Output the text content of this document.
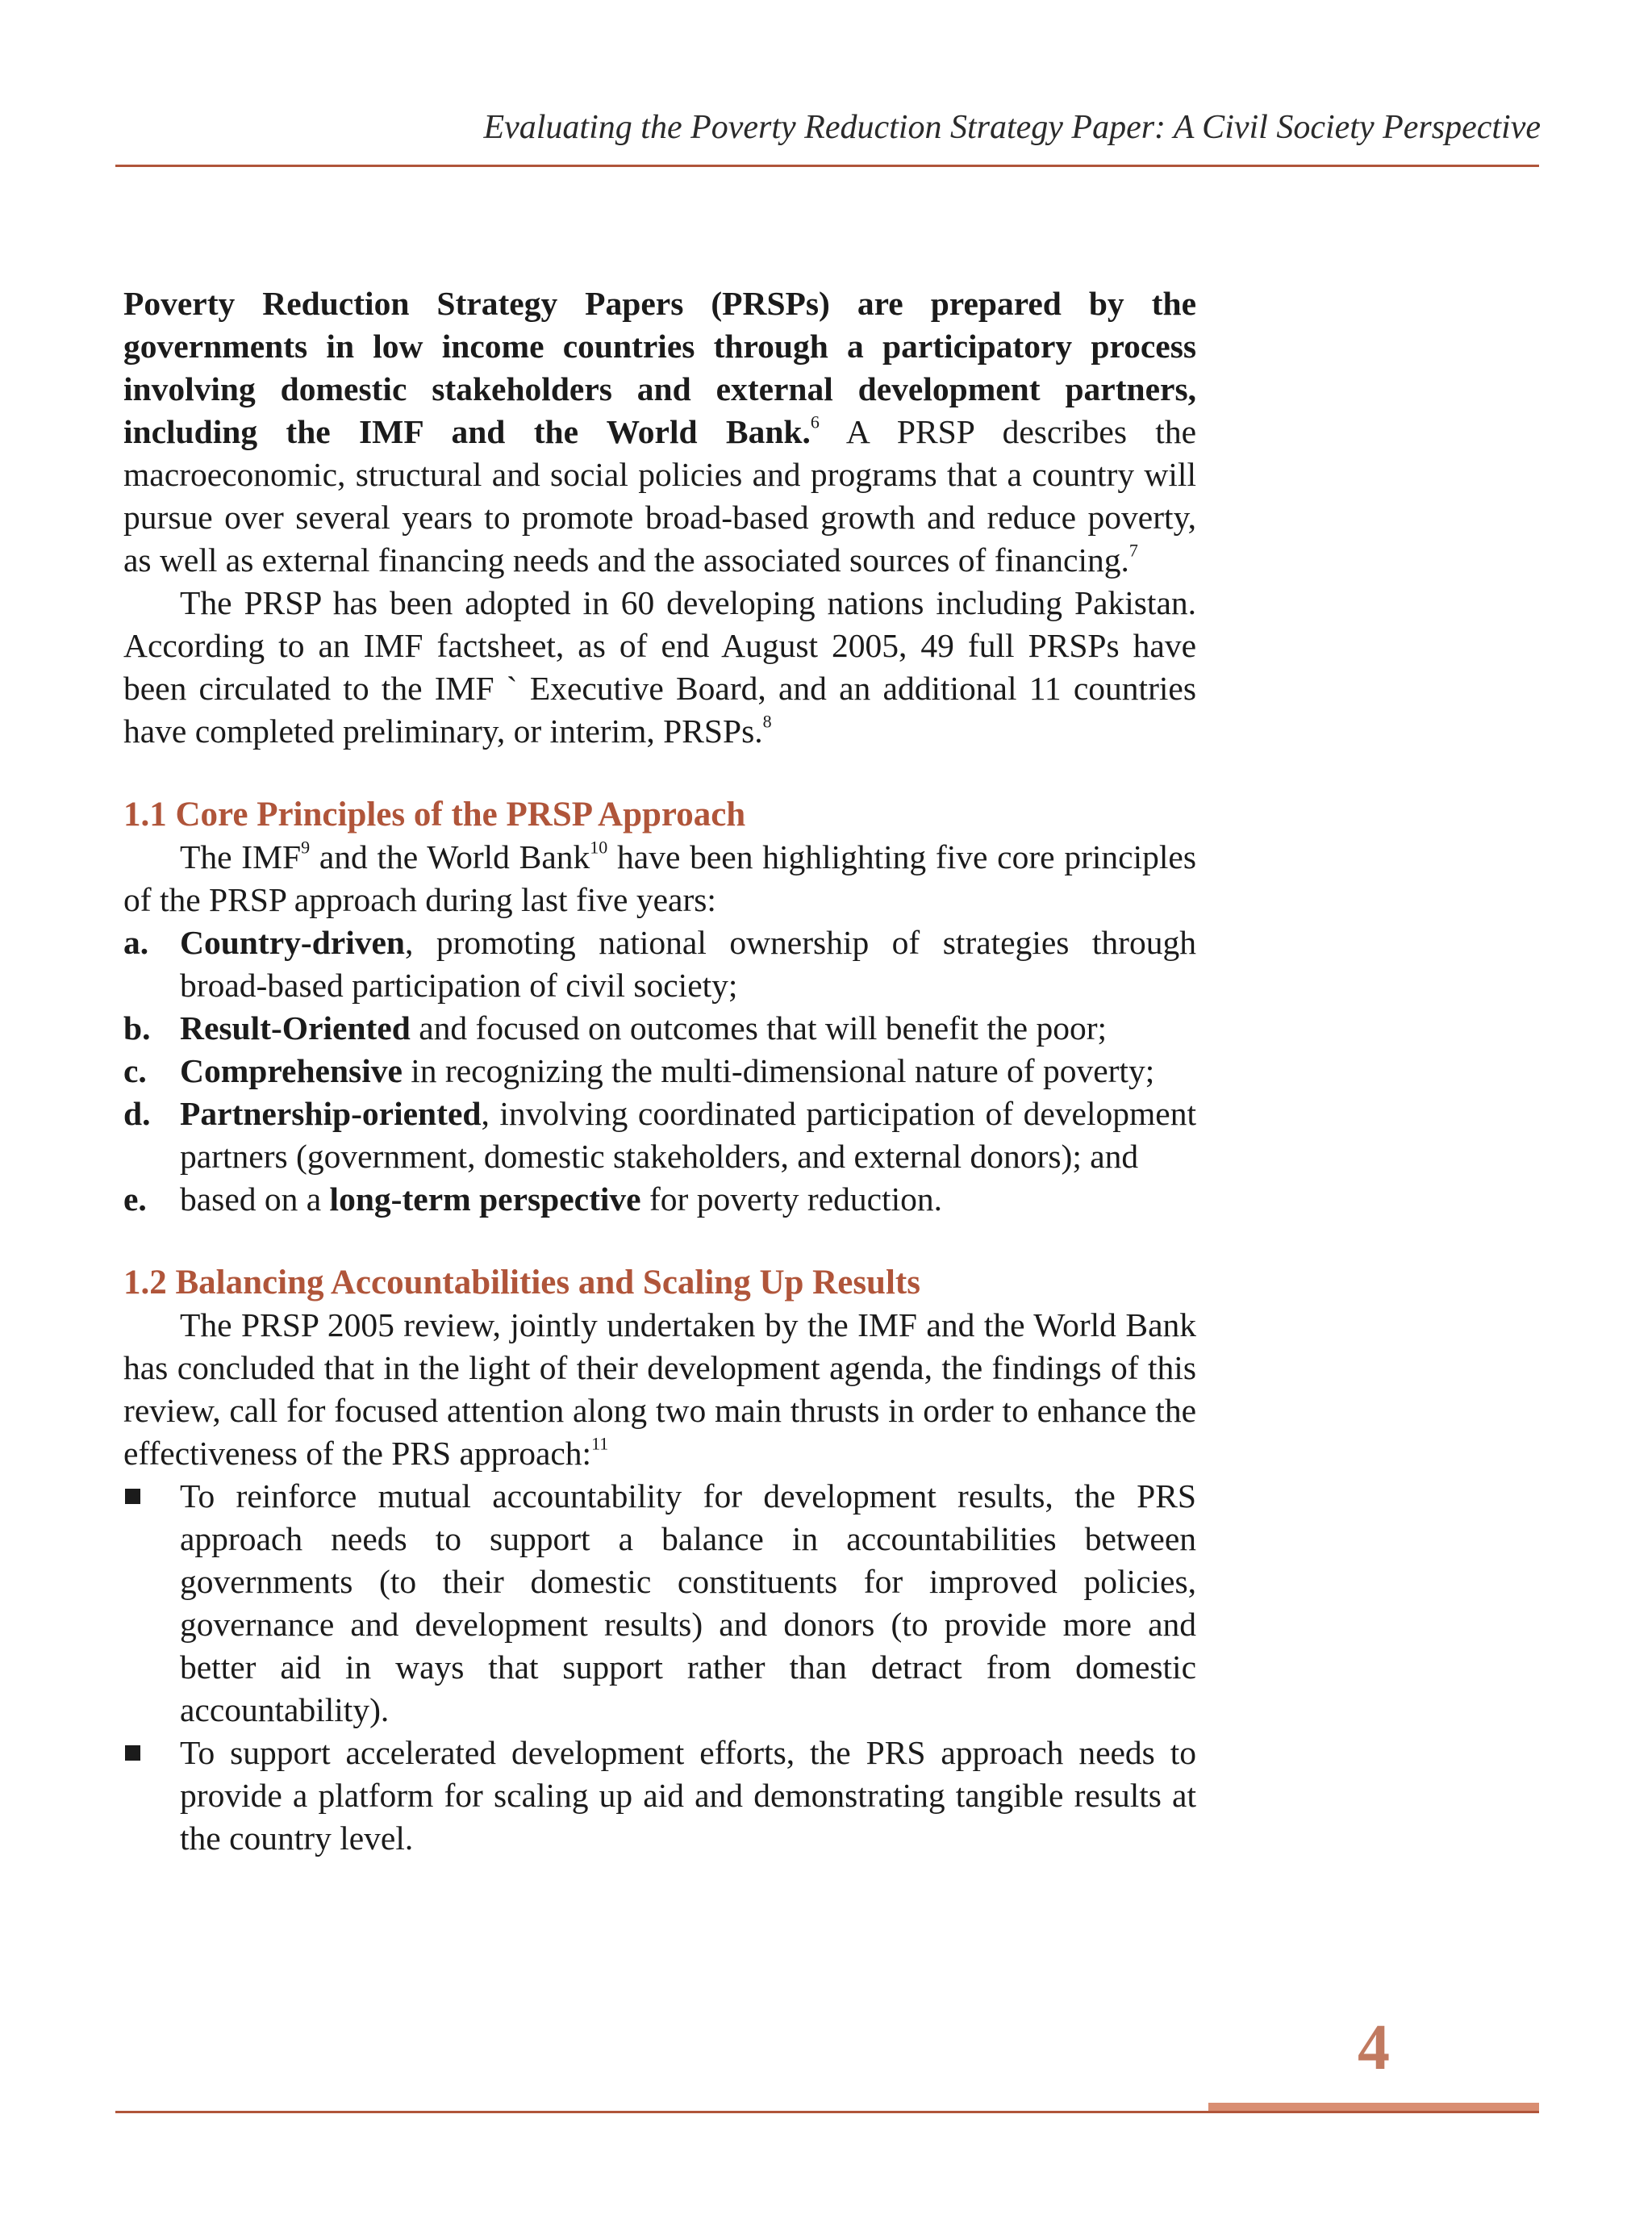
Evaluating the Poverty Reduction Strategy Paper: A Civil Society Perspective

Poverty Reduction Strategy Papers (PRSPs) are prepared by the governments in low income countries through a participatory process involving domestic stakeholders and external development partners, including the IMF and the World Bank.$^6$ A PRSP describes the macroeconomic, structural and social policies and programs that a country will pursue over several years to promote broad-based growth and reduce poverty, as well as external financing needs and the associated sources of financing.$^7$

The PRSP has been adopted in 60 developing nations including Pakistan. According to an IMF factsheet, as of end August 2005, 49 full PRSPs have been circulated to the IMF ` Executive Board, and an additional 11 countries have completed preliminary, or interim, PRSPs.$^8$

1.1 Core Principles of the PRSP Approach

The IMF$^9$ and the World Bank$^{10}$ have been highlighting five core principles of the PRSP approach during last five years:

a. Country-driven, promoting national ownership of strategies through broad-based participation of civil society;
b. Result-Oriented and focused on outcomes that will benefit the poor;
c. Comprehensive in recognizing the multi-dimensional nature of poverty;
d. Partnership-oriented, involving coordinated participation of development partners (government, domestic stakeholders, and external donors); and
e. based on a long-term perspective for poverty reduction.
1.2 Balancing Accountabilities and Scaling Up Results

The PRSP 2005 review, jointly undertaken by the IMF and the World Bank has concluded that in the light of their development agenda, the findings of this review, call for focused attention along two main thrusts in order to enhance the effectiveness of the PRS approach:$^{11}$

To reinforce mutual accountability for development results, the PRS approach needs to support a balance in accountabilities between governments (to their domestic constituents for improved policies, governance and development results) and donors (to provide more and better aid in ways that support rather than detract from domestic accountability).
To support accelerated development efforts, the PRS approach needs to provide a platform for scaling up aid and demonstrating tangible results at the country level.
4
